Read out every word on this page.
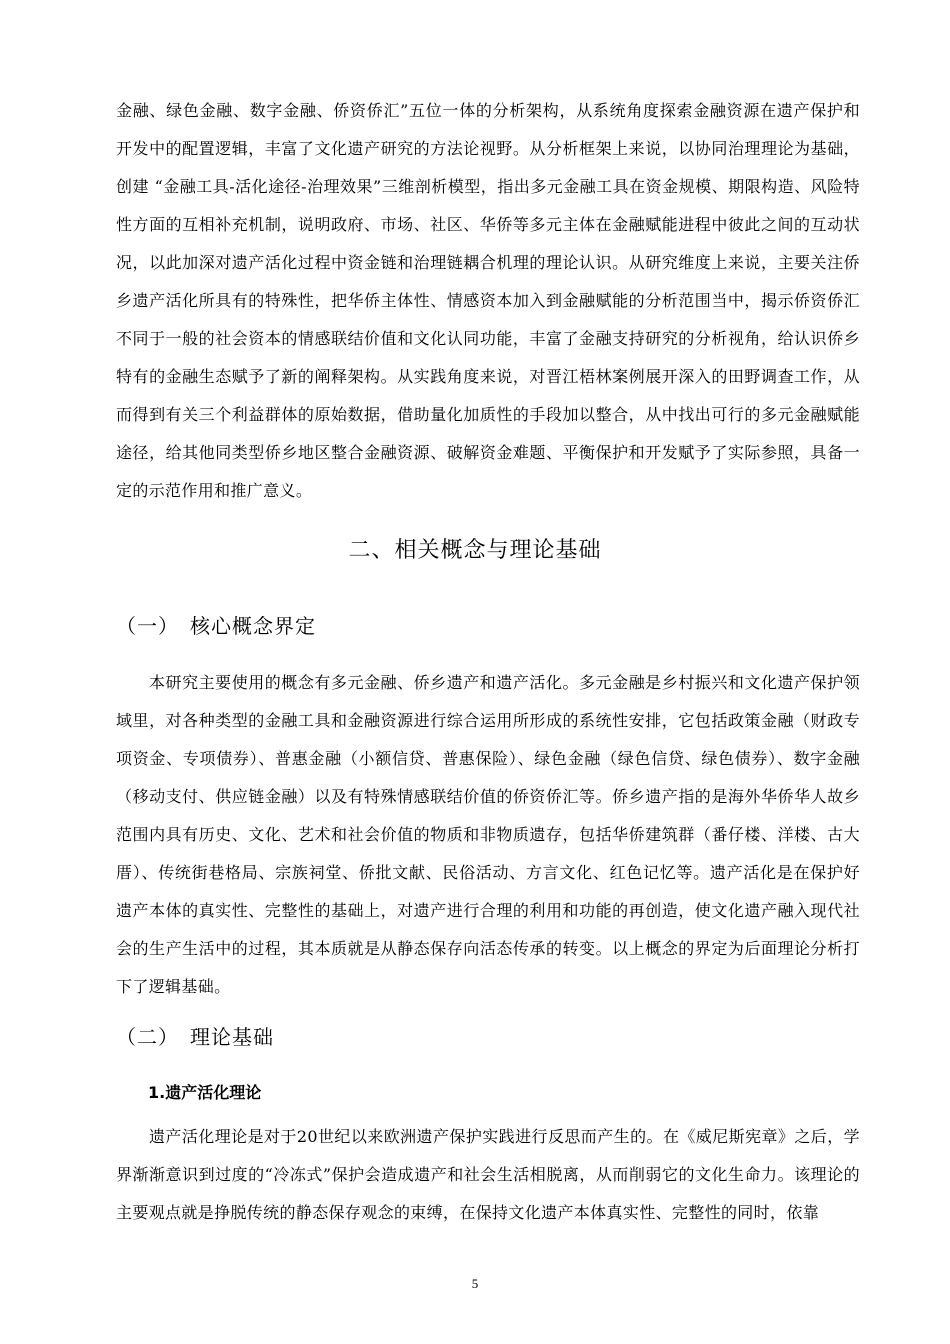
金融、绿色金融、数字金融、侨资侨汇”五位一体的分析架构，从系统角度探索金融资源在遗产保护和开发中的配置逻辑，丰富了文化遗产研究的方法论视野。从分析框架上来说，以协同治理理论为基础，创建 “金融工具-活化途径-治理效果”三维剖析模型，指出多元金融工具在资金规模、期限构造、风险特性方面的互相补充机制，说明政府、市场、社区、华侨等多元主体在金融赋能进程中彼此之间的互动状况，以此加深对遗产活化过程中资金链和治理链耦合机理的理论认识。从研究维度上来说，主要关注侨乡遗产活化所具有的特殊性，把华侨主体性、情感资本加入到金融赋能的分析范围当中，揭示侨资侨汇不同于一般的社会资本的情感联结价值和文化认同功能，丰富了金融支持研究的分析视角，给认识侨乡特有的金融生态赋予了新的阐释架构。从实践角度来说，对晋江梧林案例展开深入的田野调查工作，从而得到有关三个利益群体的原始数据，借助量化加质性的手段加以整合，从中找出可行的多元金融赋能途径，给其他同类型侨乡地区整合金融资源、破解资金难题、平衡保护和开发赋予了实际参照，具备一定的示范作用和推广意义。

二、相关概念与理论基础
（一） 核心概念界定

本研究主要使用的概念有多元金融、侨乡遗产和遗产活化。多元金融是乡村振兴和文化遗产保护领域里，对各种类型的金融工具和金融资源进行综合运用所形成的系统性安排，它包括政策金融（财政专项资金、专项债券）、普惠金融（小额信贷、普惠保险）、绿色金融（绿色信贷、绿色债券）、数字金融（移动支付、供应链金融）以及有特殊情感联结价值的侨资侨汇等。侨乡遗产指的是海外华侨华人故乡范围内具有历史、文化、艺术和社会价值的物质和非物质遗存，包括华侨建筑群（番仔楼、洋楼、古大厝）、传统街巷格局、宗族祠堂、侨批文献、民俗活动、方言文化、红色记忆等。遗产活化是在保护好遗产本体的真实性、完整性的基础上，对遗产进行合理的利用和功能的再创造，使文化遗产融入现代社会的生产生活中的过程，其本质就是从静态保存向活态传承的转变。以上概念的界定为后面理论分析打下了逻辑基础。

（二） 理论基础
1.遗产活化理论

遗产活化理论是对于20世纪以来欧洲遗产保护实践进行反思而产生的。在《威尼斯宪章》之后，学界渐渐意识到过度的“冷冻式”保护会造成遗产和社会生活相脱离，从而削弱它的文化生命力。该理论的主要观点就是挣脱传统的静态保存观念的束缚，在保持文化遗产本体真实性、完整性的同时，依靠

5
